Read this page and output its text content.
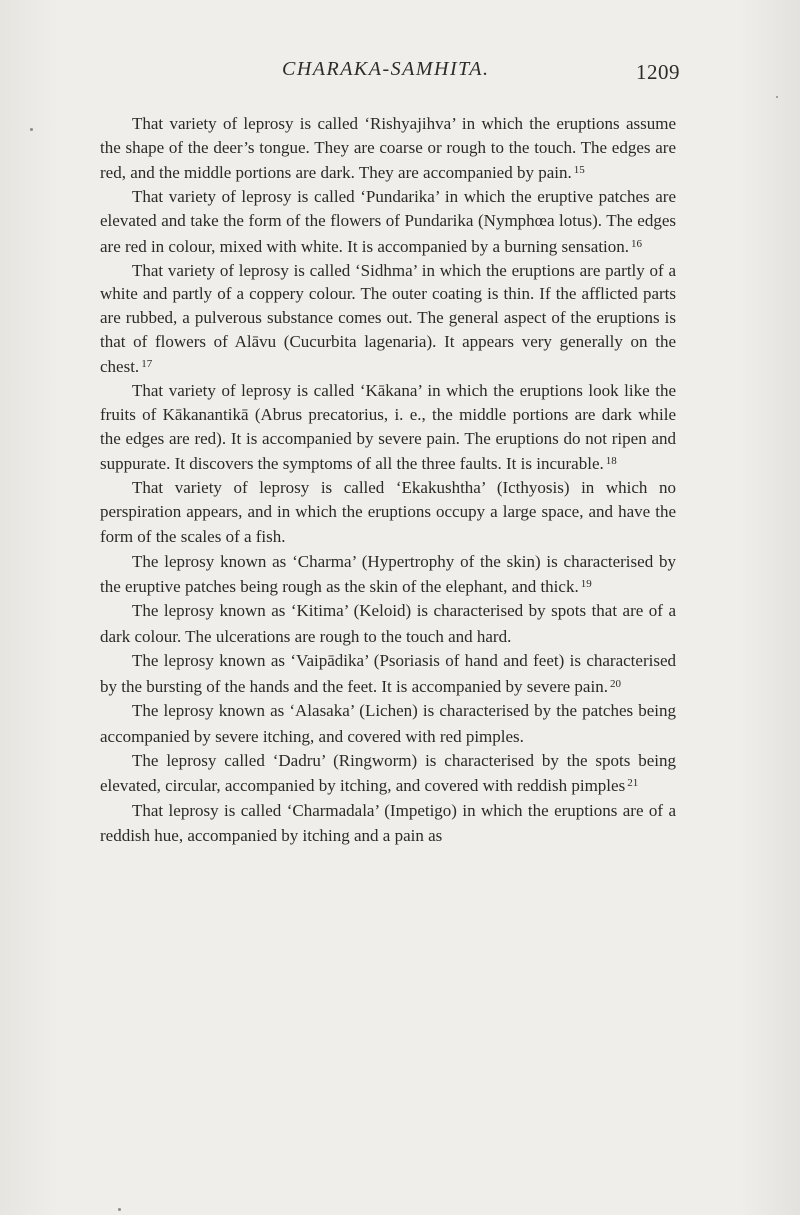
CHARAKA-SAMHITA.	1209

That variety of leprosy is called ‘Rishyajihva’ in which the eruptions assume the shape of the deer’s tongue. They are coarse or rough to the touch. The edges are red, and the middle portions are dark. They are accompanied by pain. $^{15}$

That variety of leprosy is called ‘Pundarika’ in which the eruptive patches are elevated and take the form of the flowers of Pundarika (Nymphœa lotus). The edges are red in colour, mixed with white. It is accompanied by a burning sensation. $^{16}$

That variety of leprosy is called ‘Sidhma’ in which the eruptions are partly of a white and partly of a coppery colour. The outer coating is thin. If the afflicted parts are rubbed, a pulverous substance comes out. The general aspect of the eruptions is that of flowers of Alāvu (Cucurbita lagenaria). It appears very generally on the chest. $^{17}$

That variety of leprosy is called ‘Kākana’ in which the eruptions look like the fruits of Kākanantikā (Abrus precatorius, i. e., the middle portions are dark while the edges are red). It is accompanied by severe pain. The eruptions do not ripen and suppurate. It discovers the symptoms of all the three faults. It is incurable. $^{18}$

That variety of leprosy is called ‘Ekakushtha’ (Icthyosis) in which no perspiration appears, and in which the eruptions occupy a large space, and have the form of the scales of a fish.

The leprosy known as ‘Charma’ (Hypertrophy of the skin) is characterised by the eruptive patches being rough as the skin of the elephant, and thick. $^{19}$

The leprosy known as ‘Kitima’ (Keloid) is characterised by spots that are of a dark colour. The ulcerations are rough to the touch and hard.

The leprosy known as ‘Vaipādika’ (Psoriasis of hand and feet) is characterised by the bursting of the hands and the feet. It is accompanied by severe pain. $^{20}$

The leprosy known as ‘Alasaka’ (Lichen) is characterised by the patches being accompanied by severe itching, and covered with red pimples.

The leprosy called ‘Dadru’ (Ringworm) is characterised by the spots being elevated, circular, accompanied by itching, and covered with reddish pimples $^{21}$

That leprosy is called ‘Charmadala’ (Impetigo) in which the eruptions are of a reddish hue, accompanied by itching and a pain as
